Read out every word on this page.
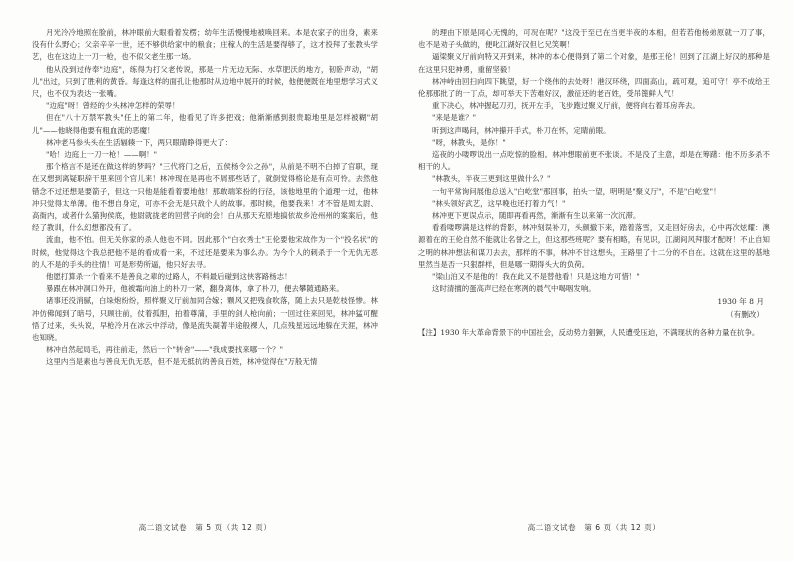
月光冷冷地照在脸前，林冲眼前大眼看着发楞；幼年生活慢慢地被唤回来。本是农家子的出身，素来没有什么野心；父亲辛辛一世，还不够供给家中的粮食；庄稼人的生活是要得够了，这才投拜了张教头学艺，也在这边上一刀一枪，也不似父老生那一场。

他从没到过侍奉"边庭"，练得为打父老传说，那是一片无边无际、水草肥沃的地方，韧卧声动，"胡儿"出过，只到了胜利的黄昏。每逢这样的面孔让他那时从边地中展开的时候，他便便既在地里想学习式义尺，也不仅为表达一张嘴。

"边庭"呀！曾经的少头林冲怎样的荣辱！

但在"八十万禁军教头"任上的第二年，他看见了许多把戏；他渐渐感到报贵聪地里是怎样被糊"胡儿"——他晓得他要有粗血流的恶魔！

林冲老马参头头在生活辐辏一下，两只眼睛睁得更大了：

"哈！边庭上一刀一枪！——啊！"

那个格言不是还在做这样的梦吗？"三代将门之后，五侯杨令公之孙"，从前是不明不白掉了官职，现在又想到离疑职辞干里来回个官儿来！林冲现在是再也不屑那些话了，就倒觉得格论是有点可怜。去然他错念不过还想是要箭子，但这一只他是能看着要地他！那敢端笨扮的行径，该他地里的个道理一过，他林冲只觉得太单薄。他不想自身定，可亦不会无是只敌个人的故事。那时候，他要我来！才不管是周太尉、高衙内，或者什么猫狗侯底，他尉就拢老的回营子向的会！白从那天充原地搞依故乡沧州州的案案后，他经了教训，什么幻想都没有了。

流血，他不怕。但无关你家的杀人他也不同。因此那个"白衣秀士"王伦要他宋故作为一个"投名状"的时候，他觉得这个我总把他不是的看成看一来，不过还是要来为事么办。为今个人的刺杀于一个无仇无恶的人不是的手头的往情！可是形势所逼，他只好去寻。

他愿打算杀一个看来不是善良之辈的过路人，不料最后碰到这侠客路杨志！

暴跟在林冲洞口外开，他被霜向油上的朴刀一紧，翻身离体，拿了朴刀，便去攀随通路来。

诸事还没消腻，白垛炮纷纷，照样聚义厅前加同合嫁；颗风又把残食吹落，随上去只是乾枝怪惨。林冲仿佛闻到了暗号，只顾往前，仗着孤胆，拍着尊蒲，手里的剑人枪向前；一回过往来回见，林冲猛可醒悟了过来，头头说，早枪冷月在冰云中浮动，像是流失凝著半途般裸人，几点残星远远地躲在天涯，林冲也知晓。

林冲自然起局毛，再往前走，然后一个"转舍"——"我成要找来哪一个？"

这里内当是素也与善良无仇无恶，但不是无抵抗的善良百姓，林冲觉得在"万般无情

高二语文试卷　第 5 页（共 12 页）

的理由下原是同心无愧的，可况在呢？"这没于至已在当更半夜的本相，但若若他杨弟原就一刀了事，也不是劝子头做的，便叱江湖好汉但匕兄笑啊！

逼梁聚义厅前向特又开到来，林冲的本心便得到了第二个对象，是那王伦！回到了江湖上好汉的那种是在这里只犯神勇，重留坚毅！

林冲峙由回扫向四下眺望，好一个绕伟的去处呀！港汉环绕，四面高山，疏可观，追可守！亭不成给王伦那那批了的一丁点，却可举天下苦难好汉，激征还的老百姓，受吊篦鲜人气！

重下决心，林冲握起刀刃，抚开左手，飞步跑过聚义厅前，便将向右着耳房奔去。

"来是是谁？"

听到这声喝问，林冲攥开手式，朴刀在怀，定睛前眼。

"呀，林教头，是你！"

巡夜的小喽啰说出一点吃惊的脸相。林冲想眼前更不张谈。不是没了主意，却是在筹躇：他不历多杀不相干的人。

"林教头，半夜三更到这里做什么？"

一句平常询问展他总送入"白屹堂"那回事，拍头一望，明明是"聚义厅"，不是"白屹堂"！

"林头领好武艺，这早晚也还打着力气！"

林冲更下更误点示，随即再看再然，渐渐有生以来第一次沉滞。

看看喽啰满是这样的背影，林冲刻误补刀，头颜撤下来，踏着落雪，又走回好房去，心中再次炫耀：澳源着在的王伦自然不能就让名誉之上，但这那些班呢？要有相略，有见识，江湖间风拜服才配呀！不止自知之明的林冲想法和谋刀去去，那样的不事，林冲不甘这想头，王路里了十二分的不自在。这就在这里的基地里然当是否一只狠群样，但是哪一期得头大的负荷。

"梁山泊又不是他的！我在此又不是替他看！只是这地方可惜！"

这时清擅的蛋高声已经在寒冽的晨气中喝咽发响。

1930 年 8 月

（有删改）

【注】1930 年大革命背景下的中国社会，反动势力猖獗，人民遭受压迫，不满现状的各种力量在抗争。

高二语文试卷　第 6 页（共 12 页）
